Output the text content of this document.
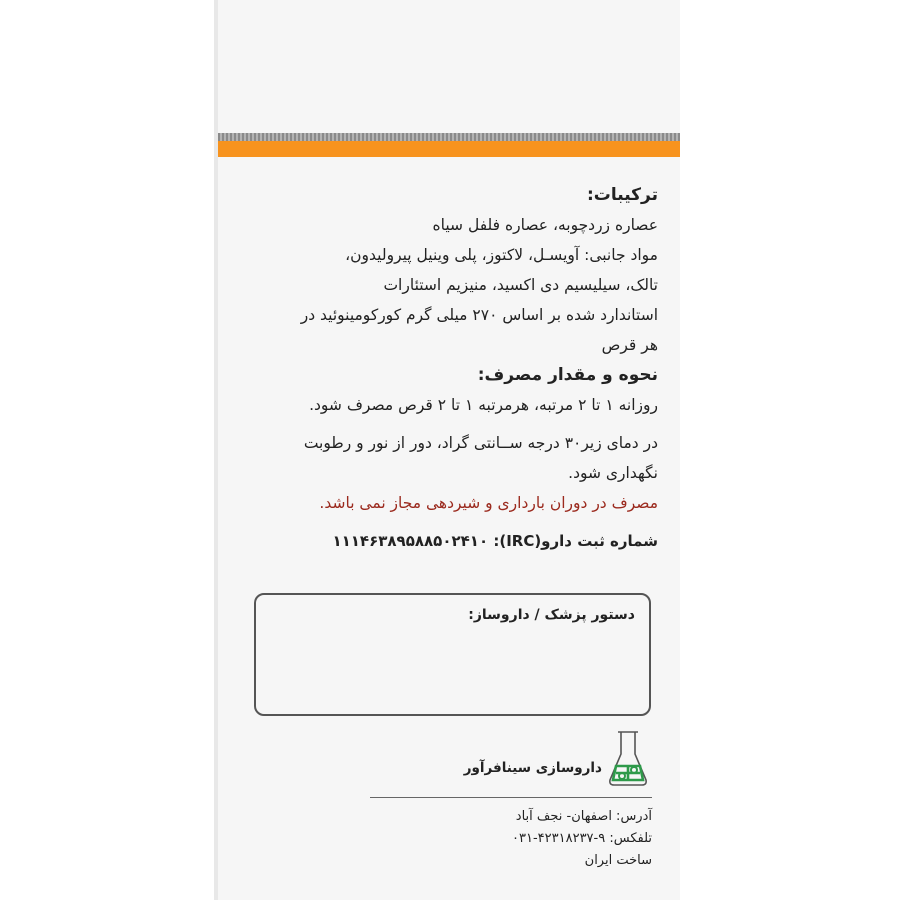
ترکیبات:

عصاره زردچوبه، عصاره فلفل سیاه

مواد جانبی: آویسـل، لاکتوز، پلی وینیل پیرولیدون،

تالک، سیلیسیم دی اکسید، منیزیم استئارات

استاندارد شده بر اساس ۲۷۰ میلی گرم کورکومینوئید در

هر قرص

نحوه و مقدار مصرف:

روزانه ۱ تا ۲ مرتبه، هرمرتبه ۱ تا ۲ قرص مصرف شود.

در دمای زیر۳۰ درجه ســانتی گراد، دور از نور و رطوبت

نگهداری شود.

مصرف در دوران بارداری و شیردهی مجاز نمی باشد.

شماره ثبت دارو(IRC): ۱۱۱۴۶۳۸۹۵۸۸۵۰۲۴۱۰

دستور پزشک / داروساز:
داروسازی سینافرآور

آدرس: اصفهان- نجف آباد

تلفکس: ۰۳۱-۴۲۳۱۸۲۳۷-۹

ساخت ایران
